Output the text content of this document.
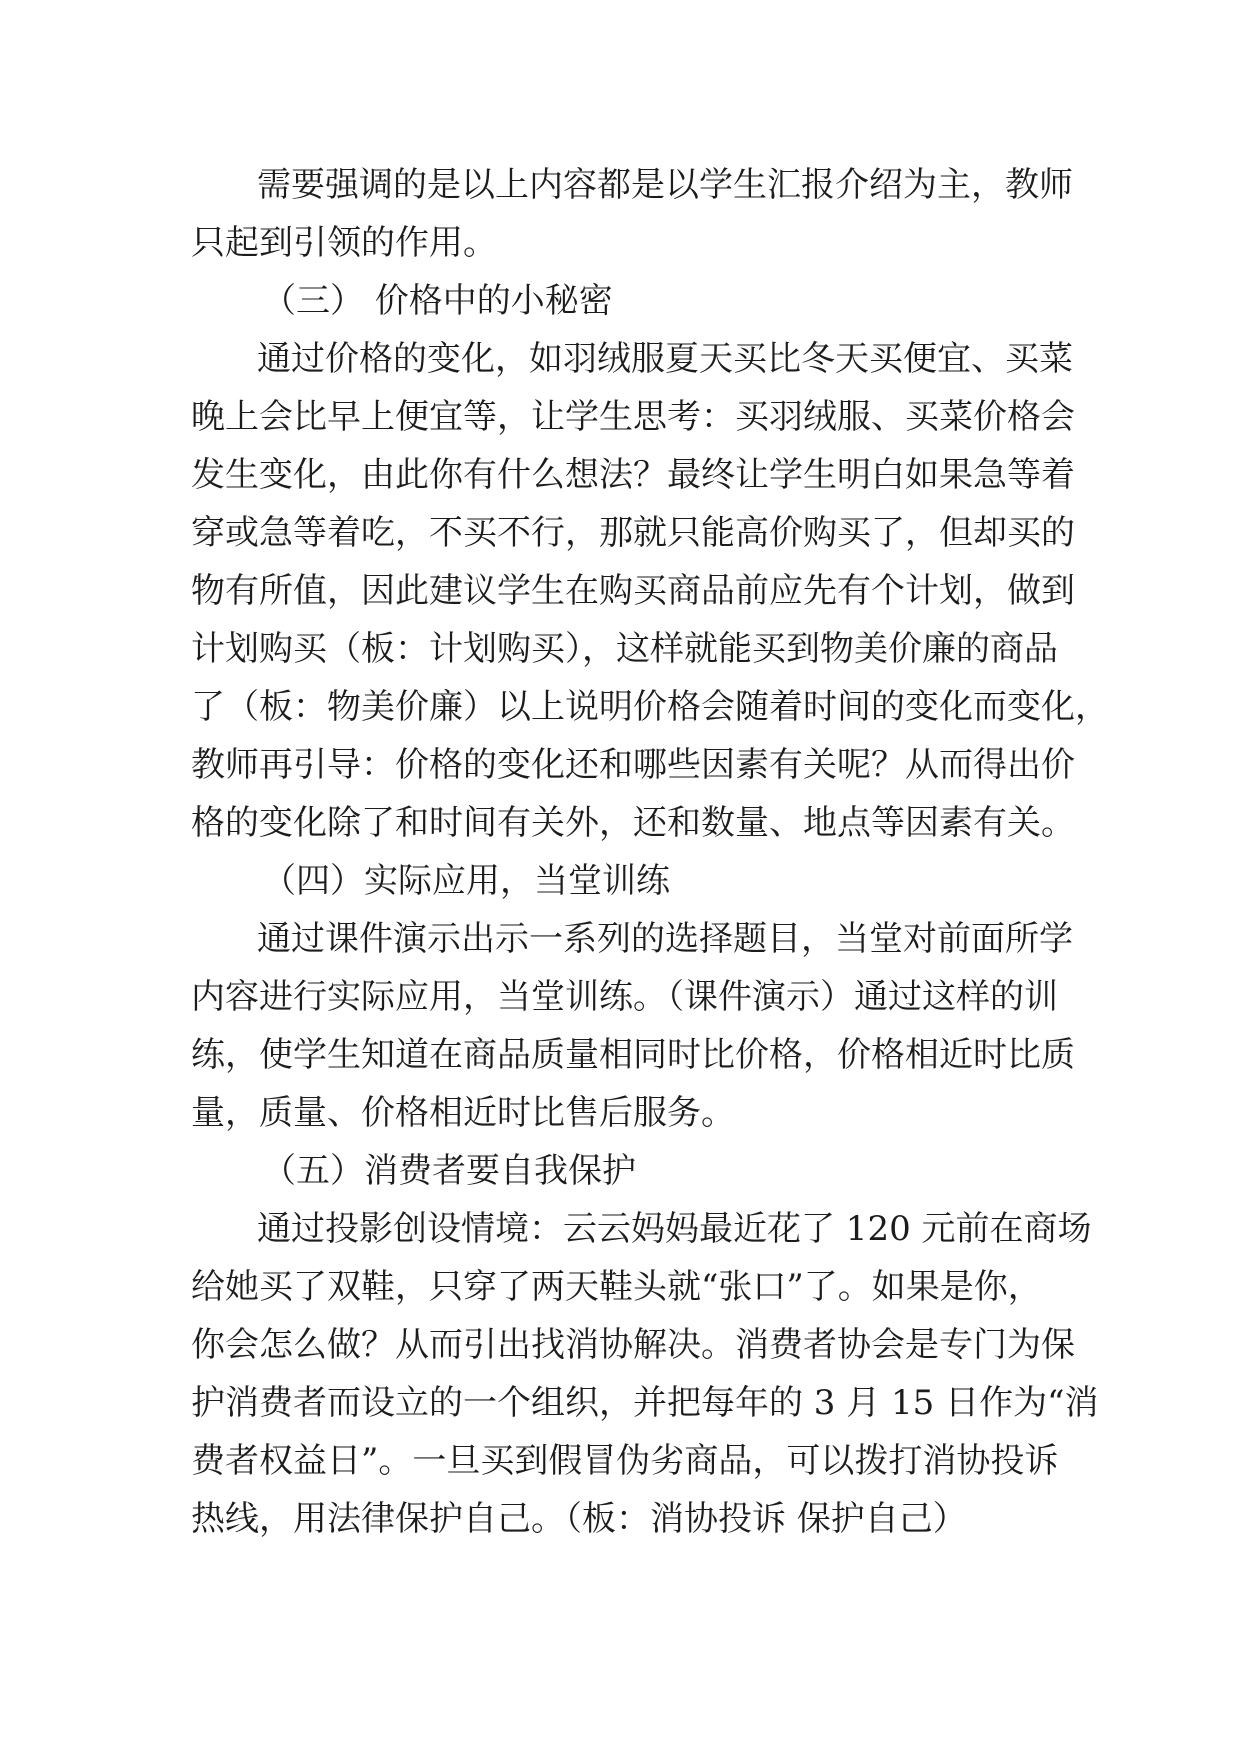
需要强调的是以上内容都是以学生汇报介绍为主，教师
只起到引领的作用。
（三） 价格中的小秘密
通过价格的变化，如羽绒服夏天买比冬天买便宜、买菜
晚上会比早上便宜等，让学生思考：买羽绒服、买菜价格会
发生变化，由此你有什么想法？最终让学生明白如果急等着
穿或急等着吃，不买不行，那就只能高价购买了，但却买的
物有所值，因此建议学生在购买商品前应先有个计划，做到
计划购买（板：计划购买），这样就能买到物美价廉的商品
了（板：物美价廉）以上说明价格会随着时间的变化而变化，
教师再引导：价格的变化还和哪些因素有关呢？从而得出价
格的变化除了和时间有关外，还和数量、地点等因素有关。
（四）实际应用，当堂训练
通过课件演示出示一系列的选择题目，当堂对前面所学
内容进行实际应用，当堂训练。（课件演示）通过这样的训
练，使学生知道在商品质量相同时比价格，价格相近时比质
量，质量、价格相近时比售后服务。
（五）消费者要自我保护
通过投影创设情境：云云妈妈最近花了 120 元前在商场
给她买了双鞋，只穿了两天鞋头就“张口”了。如果是你，
你会怎么做？从而引出找消协解决。消费者协会是专门为保
护消费者而设立的一个组织，并把每年的 3 月 15 日作为“消
费者权益日”。一旦买到假冒伪劣商品，可以拨打消协投诉
热线，用法律保护自己。（板：消协投诉 保护自己）
